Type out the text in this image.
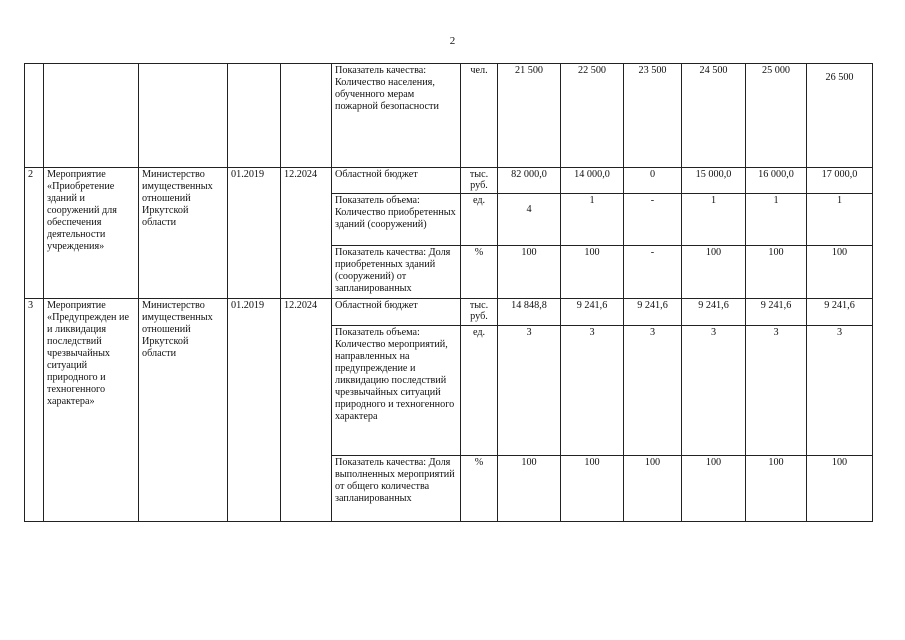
2
					Показатель качества: Количество населения, обученного мерам пожарной безопасности	чел.	21 500	22 500	23 500	24 500	25 000	26 500
2	Мероприятие «Приобретение зданий и сооружений для обеспечения деятельности учреждения»	Министерство имущественных отношений Иркутской области	01.2019	12.2024	Областной бюджет	тыс. руб.	82 000,0	14 000,0	0	15 000,0	16 000,0	17 000,0
					Показатель объема: Количество приобретенных зданий (сооружений)	ед.	4	1	-	1	1	1
					Показатель качества: Доля приобретенных зданий (сооружений) от запланированных	%	100	100	-	100	100	100
3	Мероприятие «Предупрежден ие и ликвидация последствий чрезвычайных ситуаций природного и техногенного характера»	Министерство имущественных отношений Иркутской области	01.2019	12.2024	Областной бюджет	тыс. руб.	14 848,8	9 241,6	9 241,6	9 241,6	9 241,6	9 241,6
					Показатель объема: Количество мероприятий, направленных на предупреждение и ликвидацию последствий чрезвычайных ситуаций природного и техногенного характера	ед.	3	3	3	3	3	3
					Показатель качества: Доля выполненных мероприятий от общего количества запланированных	%	100	100	100	100	100	100
